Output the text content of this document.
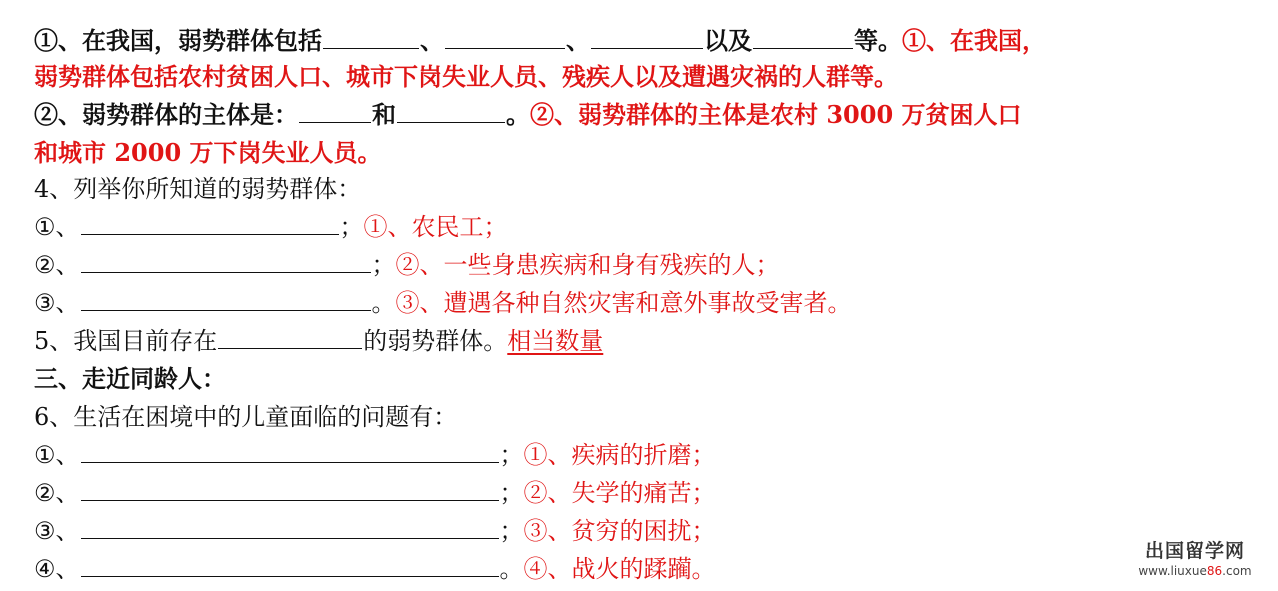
①、在我国，弱势群体包括	、	、	以及	等。①、在我国，
弱势群体包括农村贫困人口、城市下岗失业人员、残疾人以及遭遇灾祸的人群等。
②、弱势群体的主体是：	和	。②、弱势群体的主体是农村 3000 万贫困人口
和城市 2000 万下岗失业人员。
4、列举你所知道的弱势群体：
①、	；①、农民工；
②、	；②、一些身患疾病和身有残疾的人；
③、	。③、遭遇各种自然灾害和意外事故受害者。
5、我国目前存在	的弱势群体。相当数量
三、走近同龄人：
6、生活在困境中的儿童面临的问题有：
①、	；①、疾病的折磨；
②、	；②、失学的痛苦；
③、	；③、贫穷的困扰；
④、	。④、战火的蹂躏。
出国留学网
www.liuxue86.com
